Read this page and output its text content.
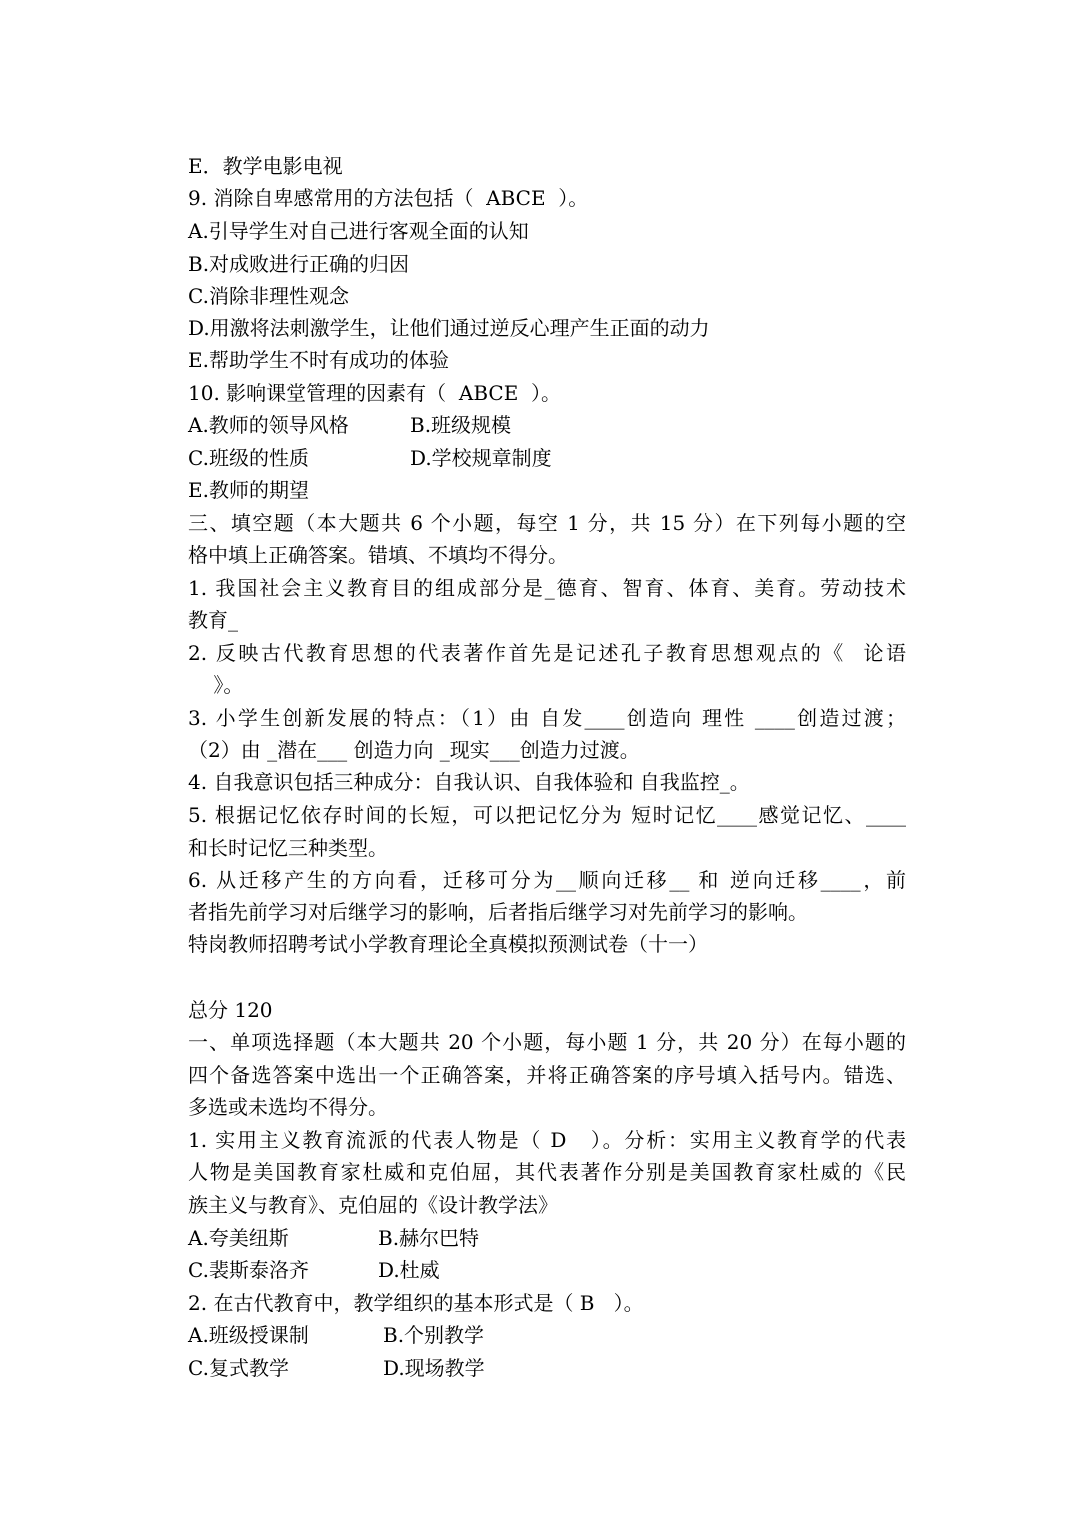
E．教学电影电视
9. 消除自卑感常用的方法包括（  ABCE  ）。
A.引导学生对自己进行客观全面的认知
B.对成败进行正确的归因
C.消除非理性观念
D.用激将法刺激学生，让他们通过逆反心理产生正面的动力
E.帮助学生不时有成功的体验
10. 影响课堂管理的因素有（  ABCE  ）。
A.教师的领导风格	B.班级规模
C.班级的性质	D.学校规章制度
E.教师的期望
三、填空题（本大题共 6 个小题，每空 1 分，共 15 分）在下列每小题的空
格中填上正确答案。错填、不填均不得分。
1. 我国社会主义教育目的组成部分是_德育、智育、体育、美育。劳动技术
教育_
2. 反映古代教育思想的代表著作首先是记述孔子教育思想观点的《  论语
》。
3. 小学生创新发展的特点：（1）由 自发____创造向 理性 ____创造过渡；
（2）由 _潜在___ 创造力向 _现实___创造力过渡。
4. 自我意识包括三种成分：自我认识、自我体验和 自我监控_。
5. 根据记忆依存时间的长短，可以把记忆分为 短时记忆____感觉记忆、____
和长时记忆三种类型。
6. 从迁移产生的方向看，迁移可分为__顺向迁移__ 和 逆向迁移____，前
者指先前学习对后继学习的影响，后者指后继学习对先前学习的影响。
特岗教师招聘考试小学教育理论全真模拟预测试卷（十一）
总分 120
一、单项选择题（本大题共 20 个小题，每小题 1 分，共 20 分）在每小题的
四个备选答案中选出一个正确答案，并将正确答案的序号填入括号内。错选、
多选或未选均不得分。
1. 实用主义教育流派的代表人物是（ D   ）。分析：实用主义教育学的代表
人物是美国教育家杜威和克伯屈，其代表著作分别是美国教育家杜威的《民
族主义与教育》、克伯屈的《设计教学法》
A.夸美纽斯	B.赫尔巴特
C.裴斯泰洛齐	D.杜威
2. 在古代教育中，教学组织的基本形式是（ B   ）。
A.班级授课制	B.个别教学
C.复式教学	D.现场教学
